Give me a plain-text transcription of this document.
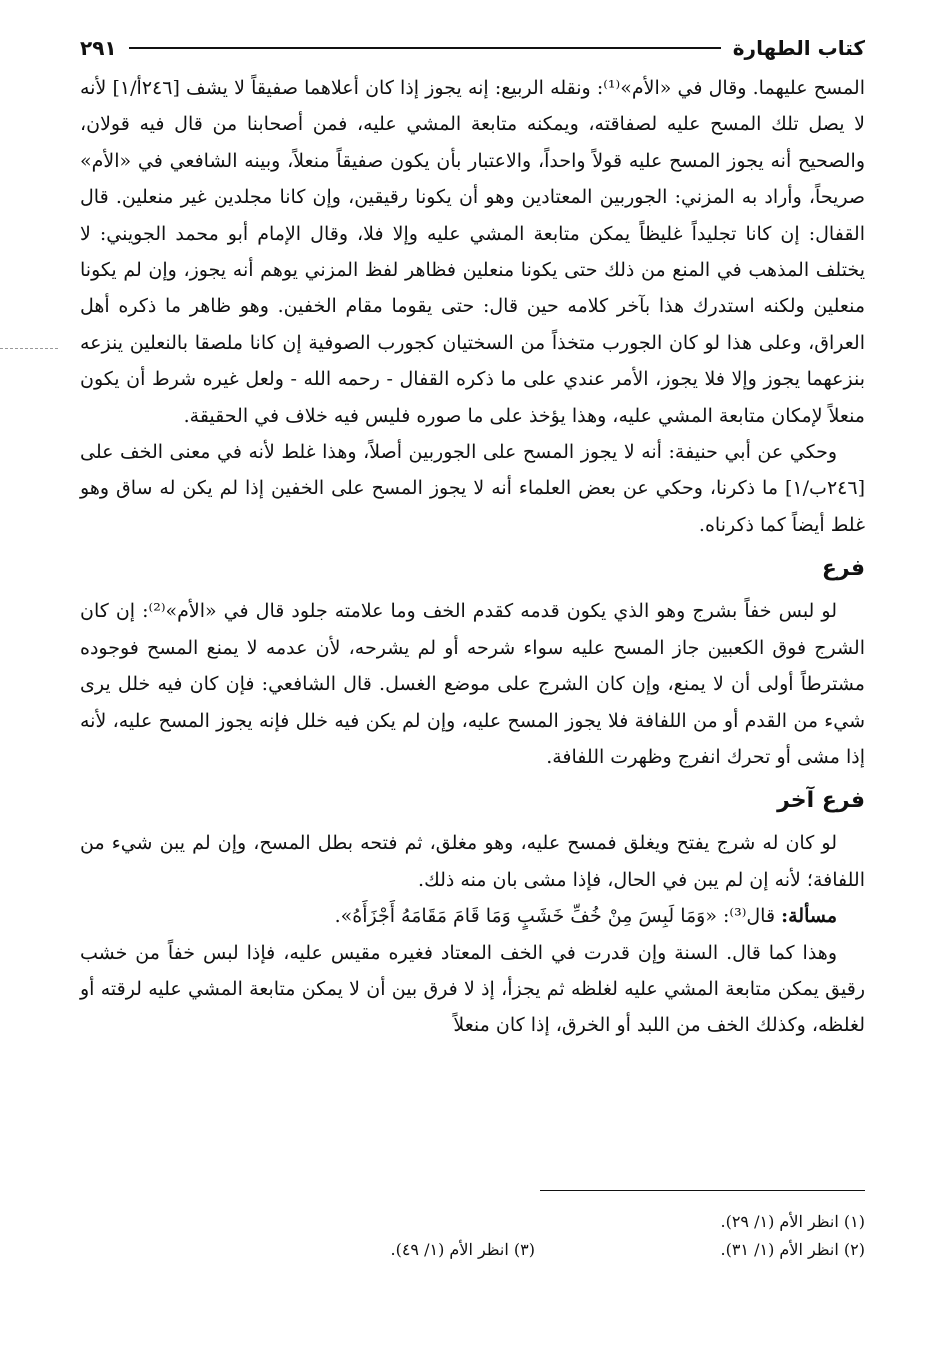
كتاب الطهارة
٢٩١

المسح عليهما. وقال في «الأم»⁽¹⁾: ونقله الربيع: إنه يجوز إذا كان أعلاهما صفيقاً لا يشف [٢٤٦أ/١] لأنه لا يصل تلك المسح عليه لصفاقته، ويمكنه متابعة المشي عليه، فمن أصحابنا من قال فيه قولان، والصحيح أنه يجوز المسح عليه قولاً واحداً، والاعتبار بأن يكون صفيقاً منعلاً، وبينه الشافعي في «الأم» صريحاً، وأراد به المزني: الجوربين المعتادين وهو أن يكونا رقيقين، وإن كانا مجلدين غير منعلين. قال القفال: إن كانا تجليداً غليظاً يمكن متابعة المشي عليه وإلا فلا، وقال الإمام أبو محمد الجويني: لا يختلف المذهب في المنع من ذلك حتى يكونا منعلين فظاهر لفظ المزني يوهم أنه يجوز، وإن لم يكونا منعلين ولكنه استدرك هذا بآخر كلامه حين قال: حتى يقوما مقام الخفين. وهو ظاهر ما ذكره أهل العراق، وعلى هذا لو كان الجورب متخذاً من السختيان كجورب الصوفية إن كانا ملصقا بالنعلين ينزعه بنزعهما يجوز وإلا فلا يجوز، الأمر عندي على ما ذكره القفال - رحمه الله - ولعل غيره شرط أن يكون منعلاً لإمكان متابعة المشي عليه، وهذا يؤخذ على ما صوره فليس فيه خلاف في الحقيقة.

وحكي عن أبي حنيفة: أنه لا يجوز المسح على الجوربين أصلاً، وهذا غلط لأنه في معنى الخف على [٢٤٦ب/١] ما ذكرنا، وحكي عن بعض العلماء أنه لا يجوز المسح على الخفين إذا لم يكن له ساق وهو غلط أيضاً كما ذكرناه.

فرع

لو لبس خفاً بشرج وهو الذي يكون قدمه كقدم الخف وما علامته جلود قال في «الأم»⁽²⁾: إن كان الشرج فوق الكعبين جاز المسح عليه سواء شرحه أو لم يشرحه، لأن عدمه لا يمنع المسح فوجوده مشترطاً أولى أن لا يمنع، وإن كان الشرج على موضع الغسل. قال الشافعي: فإن كان فيه خلل يرى شيء من القدم أو من اللفافة فلا يجوز المسح عليه، وإن لم يكن فيه خلل فإنه يجوز المسح عليه، لأنه إذا مشى أو تحرك انفرج وظهرت اللفافة.

فرع آخر

لو كان له شرج يفتح ويغلق فمسح عليه، وهو مغلق، ثم فتحه بطل المسح، وإن لم يبن شيء من اللفافة؛ لأنه إن لم يبن في الحال، فإذا مشى بان منه ذلك.

مسألة: قال⁽³⁾: «وَمَا لَبِسَ مِنْ خُفِّ خَشَبٍ وَمَا قَامَ مَقَامَهُ أَجْزَأَهُ».

وهذا كما قال. السنة وإن قدرت في الخف المعتاد فغيره مقيس عليه، فإذا لبس خفاً من خشب رقيق يمكن متابعة المشي عليه لغلظه ثم يجزأ، إذ لا فرق بين أن لا يمكن متابعة المشي عليه لرقته أو لغلظه، وكذلك الخف من اللبد أو الخرق، إذا كان منعلاً

(١) انظر الأم (١/ ٢٩).
(٢) انظر الأم (١/ ٣١).
(٣) انظر الأم (١/ ٤٩).
